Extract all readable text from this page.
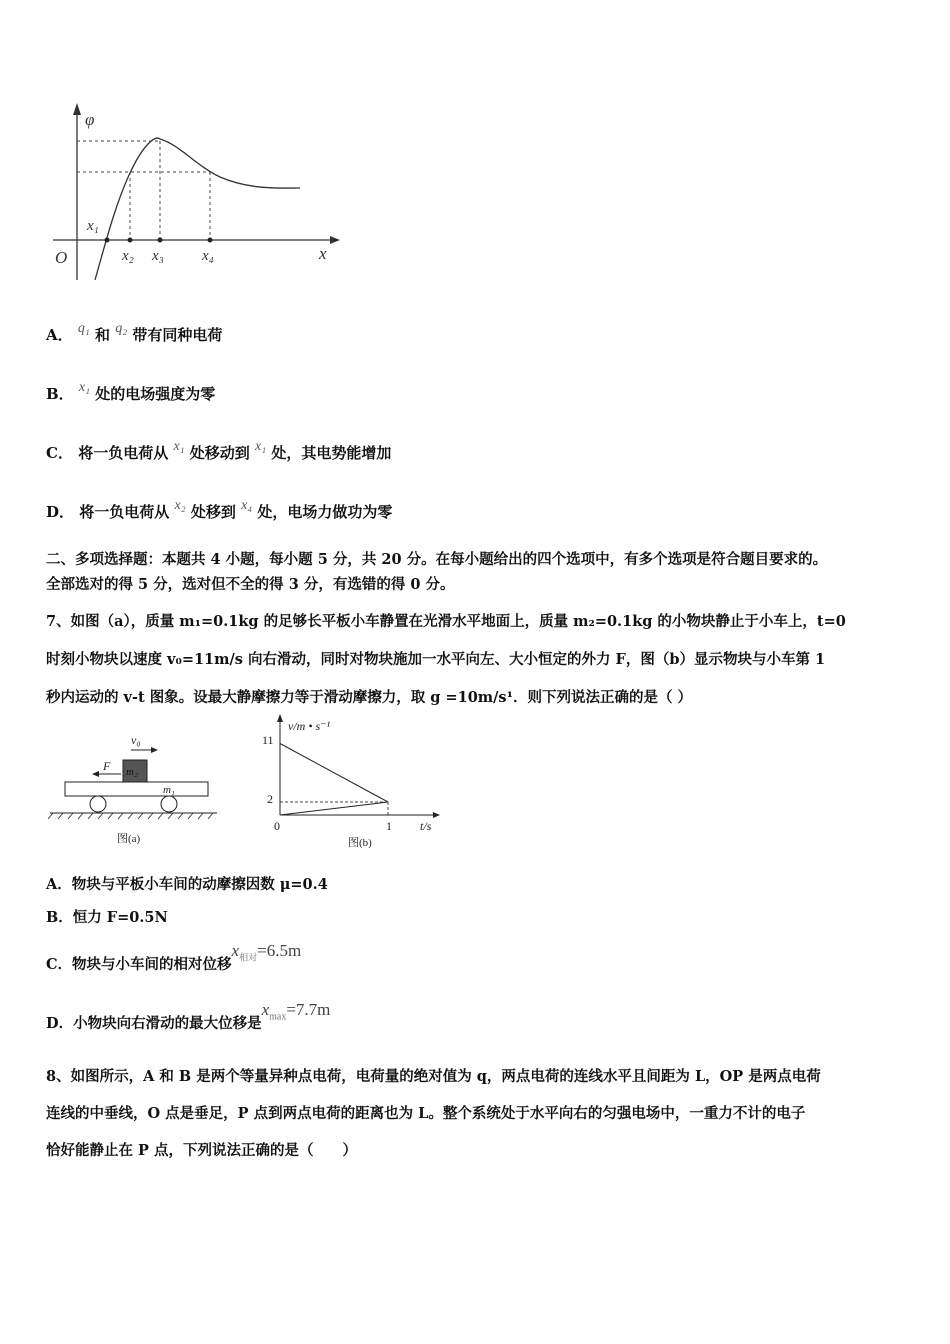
φ
O	x
x₁
x₂ x₃	x₄
A． q₁ 和 q₂ 带有同种电荷
B． x₁ 处的电场强度为零
C． 将一负电荷从 x₁ 处移动到 x₁ 处，其电势能增加
D． 将一负电荷从 x₂ 处移到 x₄ 处，电场力做功为零
二、多项选择题：本题共 4 小题，每小题 5 分，共 20 分。在每小题给出的四个选项中，有多个选项是符合题目要求的。
全部选对的得 5 分，选对但不全的得 3 分，有选错的得 0 分。
7、如图（a），质量 m₁=0.1kg 的足够长平板小车静置在光滑水平地面上，质量 m₂=0.1kg 的小物块静止于小车上，t=0
时刻小物块以速度 v₀=11m/s 向右滑动，同时对物块施加一水平向左、大小恒定的外力 F，图（b）显示物块与小车第 1
秒内运动的 v-t 图象。设最大静摩擦力等于滑动摩擦力，取 g =10m/s¹．则下列说法正确的是（ ）
v₀
F m₂
m₁
图(a)
v/m • s⁻¹
11
2
0	1 t/s
图(b)
A．物块与平板小车间的动摩擦因数 μ=0.4
B．恒力 F=0.5N
C．物块与小车间的相对位移$x_{相对}=6.5m$
D．小物块向右滑动的最大位移是$x_{max}=7.7m$
8、如图所示，A 和 B 是两个等量异种点电荷，电荷量的绝对值为 q，两点电荷的连线水平且间距为 L，OP 是两点电荷
连线的中垂线，O 点是垂足，P 点到两点电荷的距离也为 L。整个系统处于水平向右的匀强电场中，一重力不计的电子
恰好能静止在 P 点，下列说法正确的是（　　）
